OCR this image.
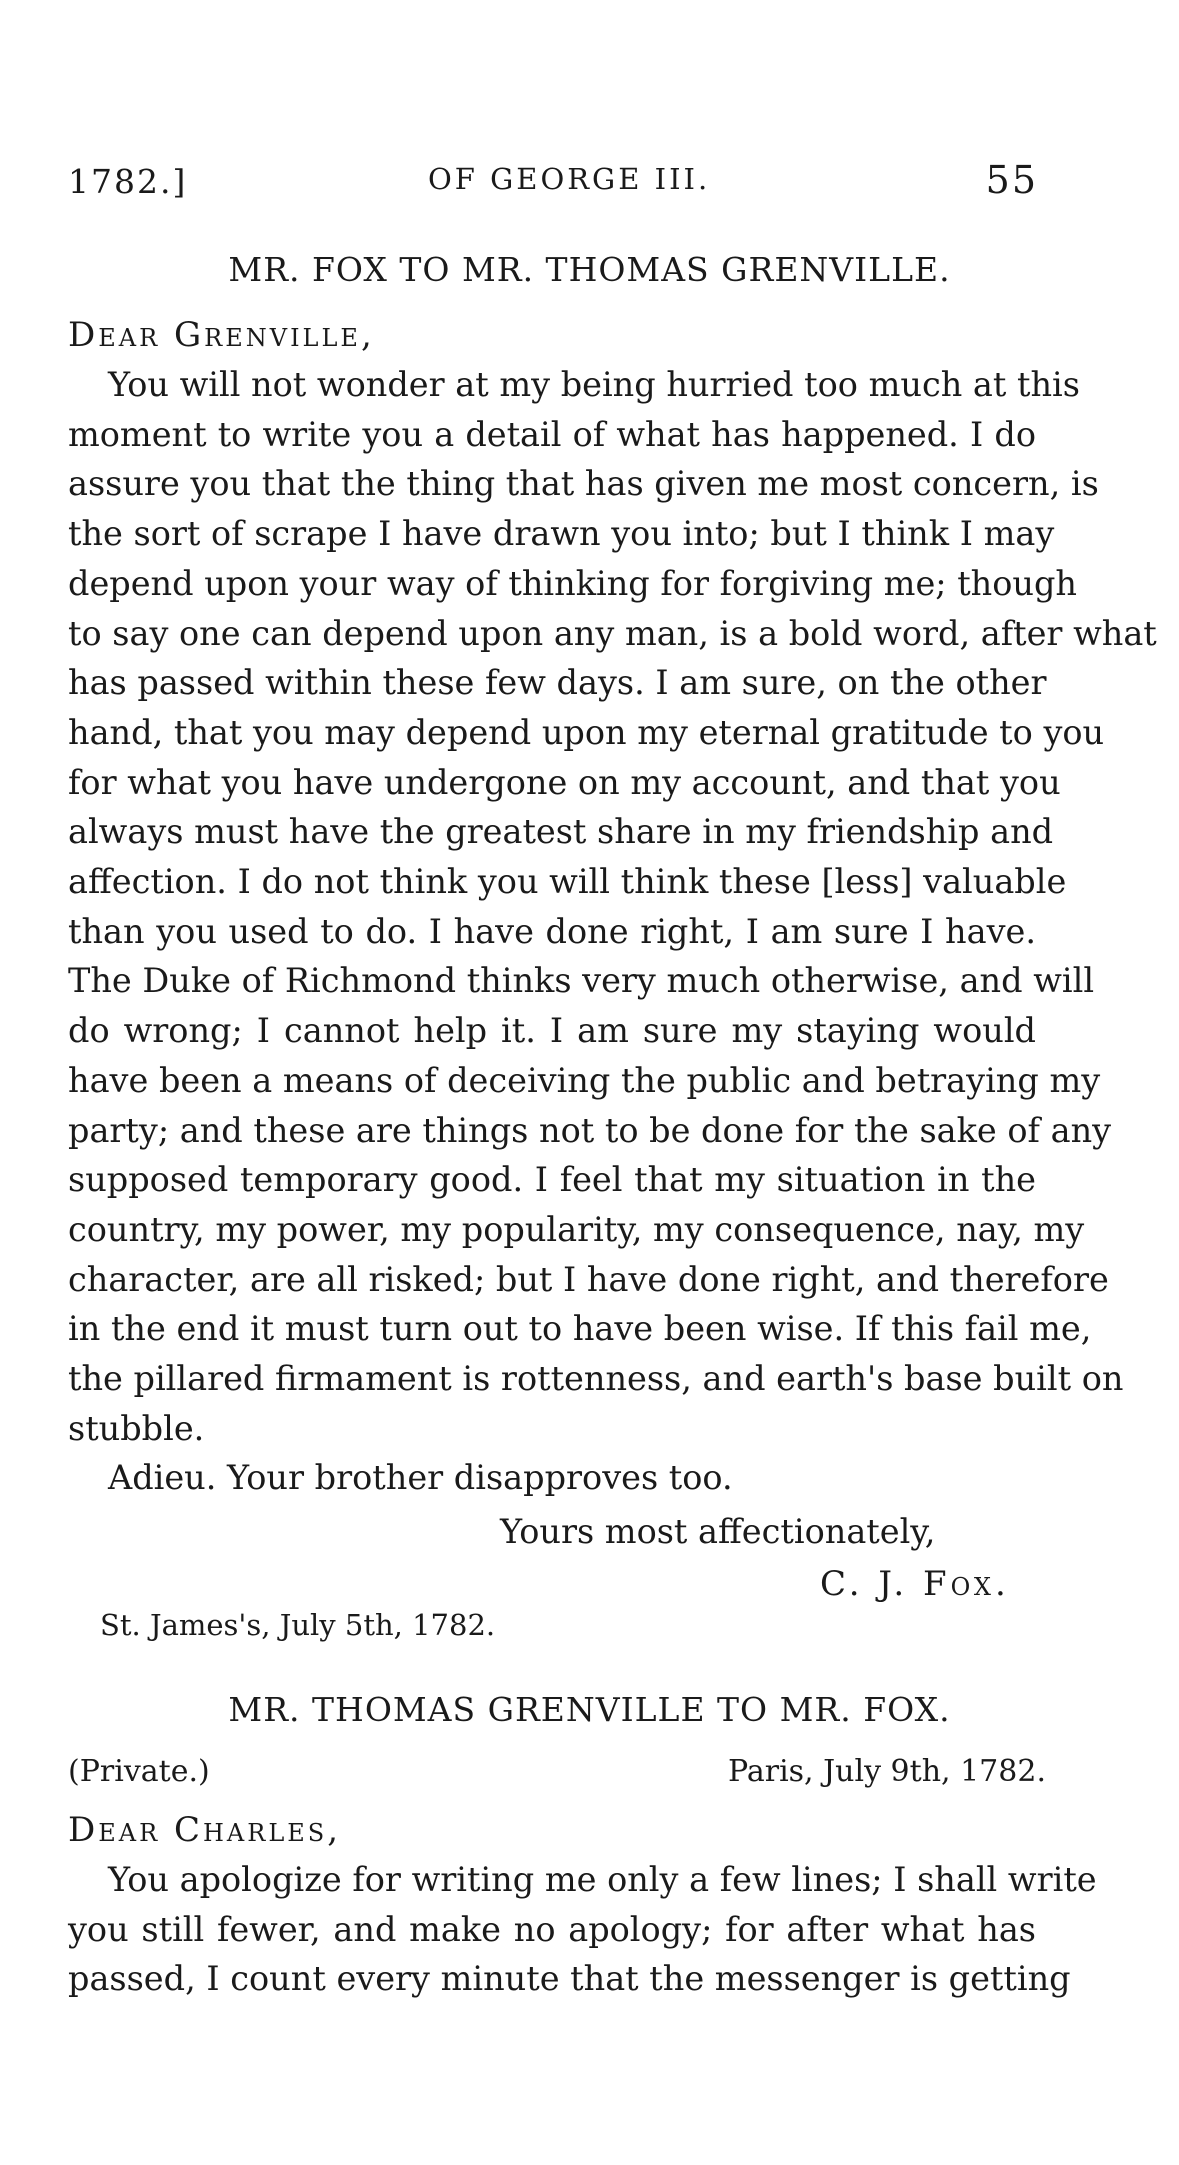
1782.]	OF GEORGE III.	55
MR. FOX TO MR. THOMAS GRENVILLE.
Dear Grenville,
You will not wonder at my being hurried too much at this
moment to write you a detail of what has happened. I do
assure you that the thing that has given me most concern, is
the sort of scrape I have drawn you into; but I think I may
depend upon your way of thinking for forgiving me; though
to say one can depend upon any man, is a bold word, after what
has passed within these few days. I am sure, on the other
hand, that you may depend upon my eternal gratitude to you
for what you have undergone on my account, and that you
always must have the greatest share in my friendship and
affection. I do not think you will think these [less] valuable
than you used to do. I have done right, I am sure I have.
The Duke of Richmond thinks very much otherwise, and will
do wrong; I cannot help it. I am sure my staying would
have been a means of deceiving the public and betraying my
party; and these are things not to be done for the sake of any
supposed temporary good. I feel that my situation in the
country, my power, my popularity, my consequence, nay, my
character, are all risked; but I have done right, and therefore
in the end it must turn out to have been wise. If this fail me,
the pillared firmament is rottenness, and earth's base built on
stubble.
Adieu. Your brother disapproves too.
Yours most affectionately,
C. J. Fox.
St. James's, July 5th, 1782.
MR. THOMAS GRENVILLE TO MR. FOX.
(Private.)	Paris, July 9th, 1782.
Dear Charles,
You apologize for writing me only a few lines; I shall write
you still fewer, and make no apology; for after what has
passed, I count every minute that the messenger is getting
